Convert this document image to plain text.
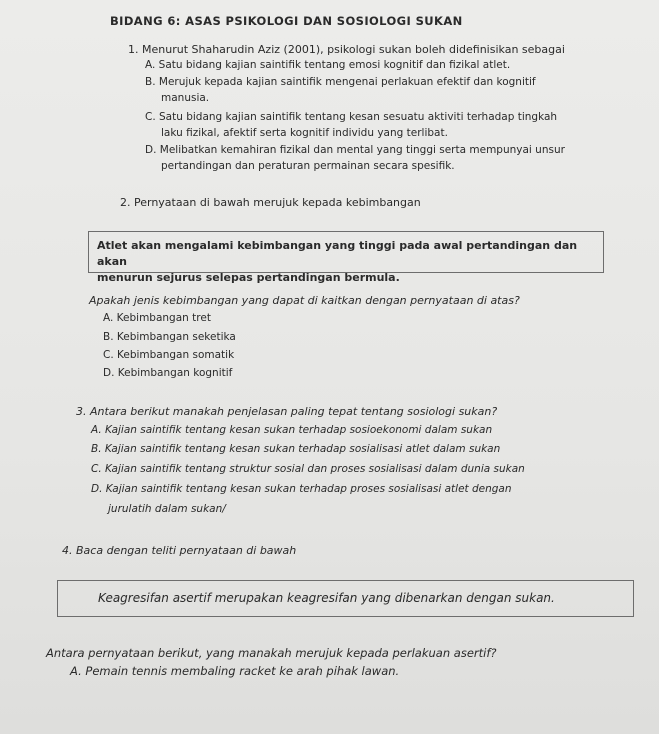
BIDANG 6: ASAS PSIKOLOGI DAN SOSIOLOGI SUKAN
1. Menurut Shaharudin Aziz (2001), psikologi sukan boleh didefinisikan sebagai
A. Satu bidang kajian saintifik tentang emosi kognitif dan fizikal atlet.
B. Merujuk kepada kajian saintifik mengenai perlakuan efektif dan kognitif
manusia.
C. Satu bidang kajian saintifik tentang kesan sesuatu aktiviti terhadap tingkah
laku fizikal, afektif serta kognitif individu yang terlibat.
D. Melibatkan kemahiran fizikal dan mental yang tinggi serta mempunyai unsur
pertandingan dan peraturan permainan secara spesifik.
2. Pernyataan di bawah merujuk kepada kebimbangan
Atlet akan mengalami kebimbangan yang tinggi pada awal pertandingan dan akan
menurun sejurus selepas pertandingan bermula.
Apakah jenis kebimbangan yang dapat di kaitkan dengan pernyataan di atas?
A. Kebimbangan tret
B. Kebimbangan seketika
C. Kebimbangan somatik
D. Kebimbangan kognitif
3. Antara berikut manakah penjelasan paling tepat tentang sosiologi sukan?
A. Kajian saintifik tentang kesan sukan terhadap sosioekonomi dalam sukan
B. Kajian saintifik tentang kesan sukan terhadap sosialisasi atlet dalam sukan
C. Kajian saintifik tentang struktur sosial dan proses sosialisasi dalam dunia sukan
D. Kajian saintifik tentang kesan sukan terhadap proses sosialisasi atlet dengan
jurulatih dalam sukan/
4. Baca dengan teliti pernyataan di bawah
Keagresifan asertif merupakan keagresifan yang dibenarkan dengan sukan.
Antara pernyataan berikut, yang manakah merujuk kepada perlakuan asertif?
A. Pemain tennis membaling racket ke arah pihak lawan.
